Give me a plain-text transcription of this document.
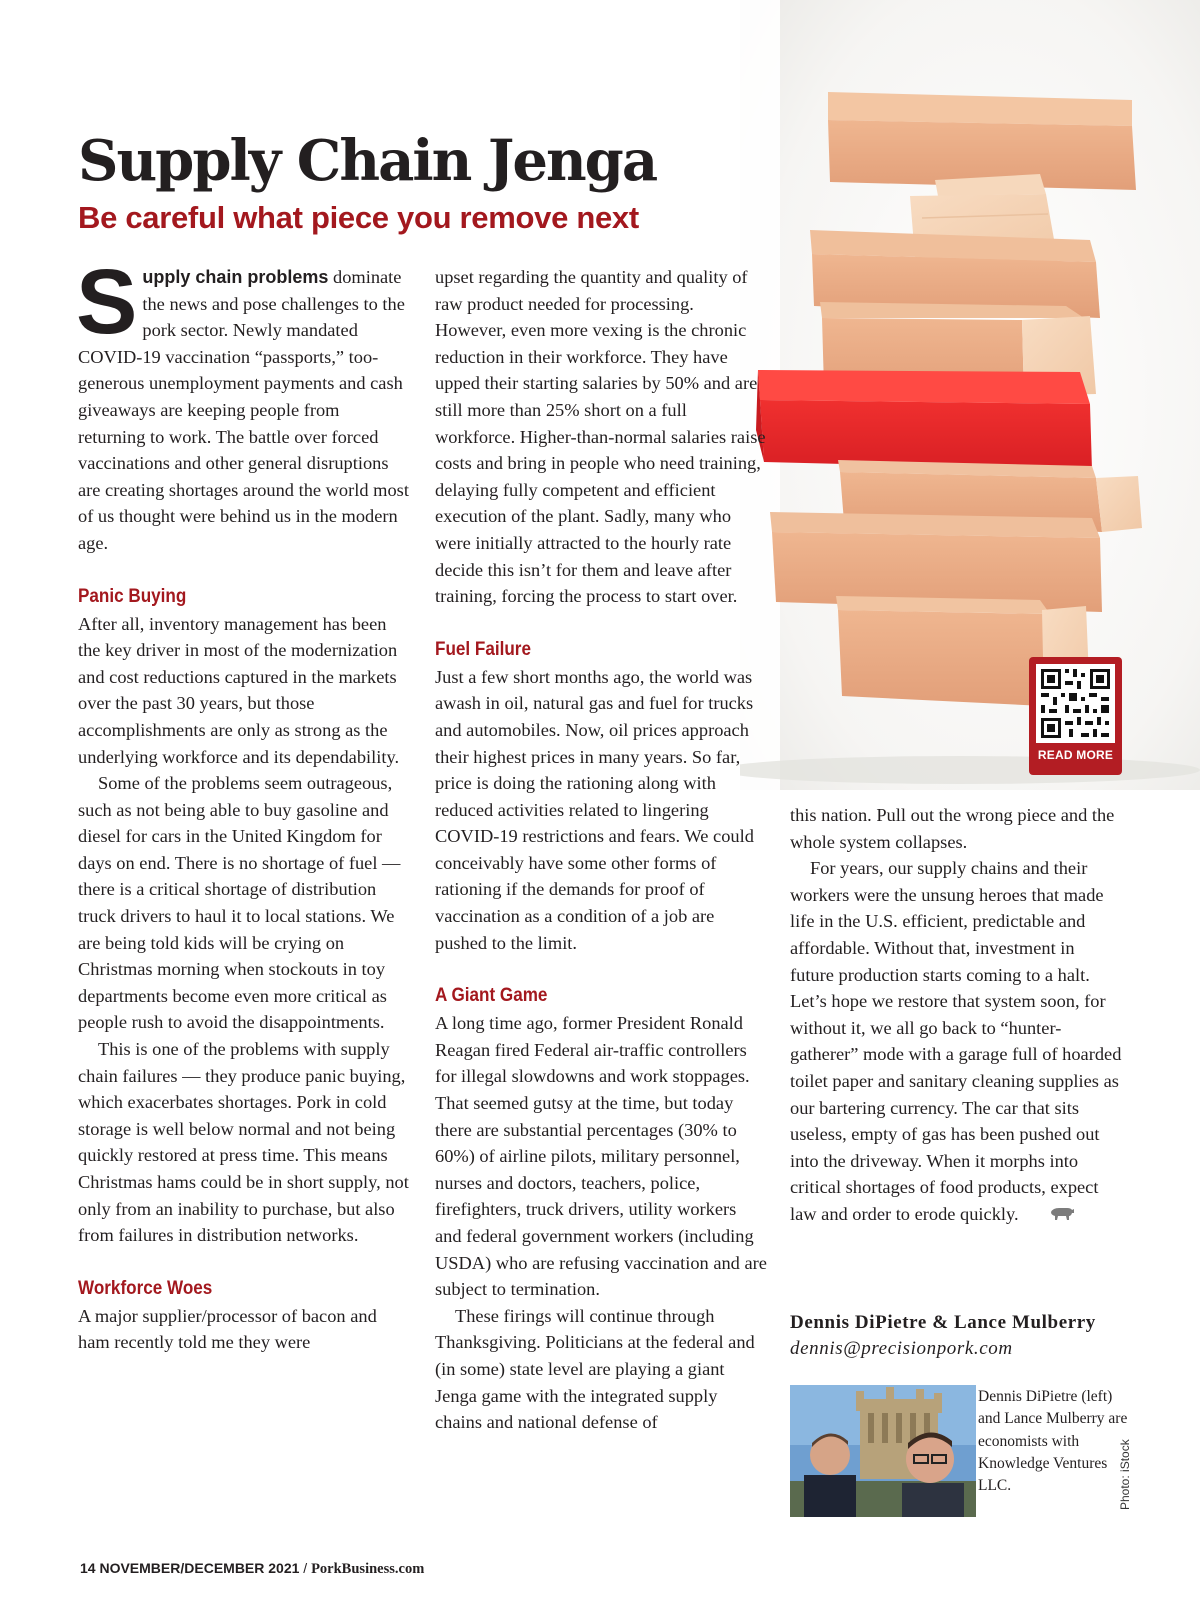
READ MORE
Supply Chain Jenga
Be careful what piece you remove next

Supply chain problems dominate the news and pose challenges to the pork sector. Newly mandated COVID-19 vaccination “passports,” too-generous unemployment payments and cash giveaways are keeping people from returning to work. The battle over forced vaccinations and other general disruptions are creating shortages around the world most of us thought were behind us in the modern age.

Panic Buying

After all, inventory management has been the key driver in most of the modernization and cost reductions captured in the markets over the past 30 years, but those accomplishments are only as strong as the underlying workforce and its dependability.

Some of the problems seem outrageous, such as not being able to buy gasoline and diesel for cars in the United Kingdom for days on end. There is no shortage of fuel — there is a critical shortage of distribution truck drivers to haul it to local stations. We are being told kids will be crying on Christmas morning when stockouts in toy departments become even more critical as people rush to avoid the disappointments.

This is one of the problems with supply chain failures — they produce panic buying, which exacerbates shortages. Pork in cold storage is well below normal and not being quickly restored at press time. This means Christmas hams could be in short supply, not only from an inability to purchase, but also from failures in distribution networks.

Workforce Woes

A major supplier/processor of bacon and ham recently told me they were

upset regarding the quantity and quality of raw product needed for processing. However, even more vexing is the chronic reduction in their workforce. They have upped their starting salaries by 50% and are still more than 25% short on a full workforce. Higher-than-normal salaries raise costs and bring in people who need training, delaying fully competent and efficient execution of the plant. Sadly, many who were initially attracted to the hourly rate decide this isn’t for them and leave after training, forcing the process to start over.

Fuel Failure

Just a few short months ago, the world was awash in oil, natural gas and fuel for trucks and automobiles. Now, oil prices approach their highest prices in many years. So far, price is doing the rationing along with reduced activities related to lingering COVID-19 restrictions and fears. We could conceivably have some other forms of rationing if the demands for proof of vaccination as a condition of a job are pushed to the limit.

A Giant Game

A long time ago, former President Ronald Reagan fired Federal air-traffic controllers for illegal slowdowns and work stoppages. That seemed gutsy at the time, but today there are substantial percentages (30% to 60%) of airline pilots, military personnel, nurses and doctors, teachers, police, firefighters, truck drivers, utility workers and federal government workers (including USDA) who are refusing vaccination and are subject to termination.

These firings will continue through Thanksgiving. Politicians at the federal and (in some) state level are playing a giant Jenga game with the integrated supply chains and national defense of

this nation. Pull out the wrong piece and the whole system collapses.

For years, our supply chains and their workers were the unsung heroes that made life in the U.S. efficient, predictable and affordable. Without that, investment in future production starts coming to a halt. Let’s hope we restore that system soon, for without it, we all go back to “hunter-gatherer” mode with a garage full of hoarded toilet paper and sanitary cleaning supplies as our bartering currency. The car that sits useless, empty of gas has been pushed out into the driveway. When it morphs into critical shortages of food products, expect law and order to erode quickly.

Dennis DiPietre & Lance Mulberry
dennis@precisionpork.com
Dennis DiPietre (left) and Lance Mulberry are economists with Knowledge Ventures LLC.	Photo: iStock
14 NOVEMBER/DECEMBER 2021 / PorkBusiness.com
